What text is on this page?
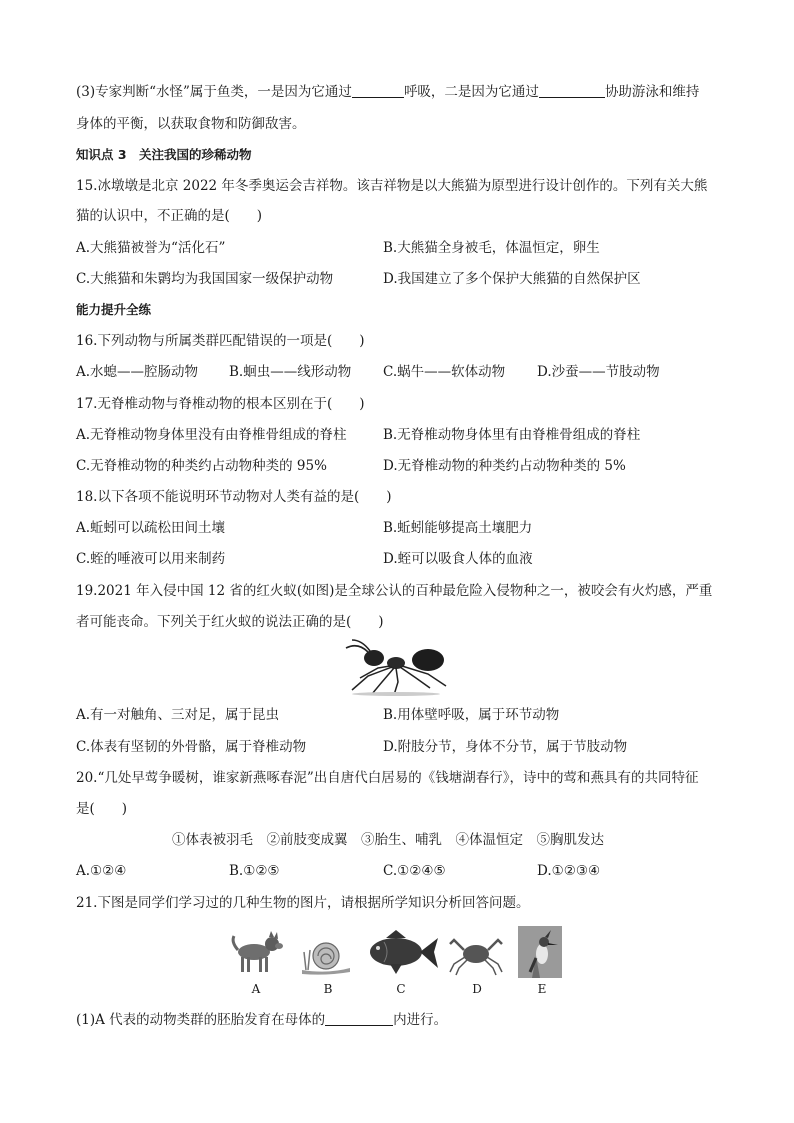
(3)专家判断“水怪”属于鱼类，一是因为它通过	呼吸，二是因为它通过	协助游泳和维持
身体的平衡，以获取食物和防御敌害。
知识点 3　关注我国的珍稀动物
15.冰墩墩是北京 2022 年冬季奥运会吉祥物。该吉祥物是以大熊猫为原型进行设计创作的。下列有关大熊
猫的认识中，不正确的是(　　)
A.大熊猫被誉为“活化石”	B.大熊猫全身被毛，体温恒定，卵生
C.大熊猫和朱鹮均为我国国家一级保护动物	D.我国建立了多个保护大熊猫的自然保护区
能力提升全练
16.下列动物与所属类群匹配错误的一项是(　　)
A.水螅——腔肠动物 B.蛔虫——线形动物 C.蜗牛——软体动物 D.沙蚕——节肢动物
17.无脊椎动物与脊椎动物的根本区别在于(　　)
A.无脊椎动物身体里没有由脊椎骨组成的脊柱	B.无脊椎动物身体里有由脊椎骨组成的脊柱
C.无脊椎动物的种类约占动物种类的 95%	D.无脊椎动物的种类约占动物种类的 5%
18.以下各项不能说明环节动物对人类有益的是(　　)
A.蚯蚓可以疏松田间土壤	B.蚯蚓能够提高土壤肥力
C.蛭的唾液可以用来制药	D.蛭可以吸食人体的血液
19.2021 年入侵中国 12 省的红火蚁(如图)是全球公认的百种最危险入侵物种之一，被咬会有火灼感，严重
者可能丧命。下列关于红火蚁的说法正确的是(　　)
A.有一对触角、三对足，属于昆虫	B.用体壁呼吸，属于环节动物
C.体表有坚韧的外骨骼，属于脊椎动物	D.附肢分节，身体不分节，属于节肢动物
20.“几处早莺争暖树，谁家新燕啄春泥”出自唐代白居易的《钱塘湖春行》，诗中的莺和燕具有的共同特征
是(　　)
①体表被羽毛　②前肢变成翼　③胎生、哺乳　④体温恒定　⑤胸肌发达
A.①②④	B.①②⑤	C.①②④⑤	D.①②③④
21.下图是同学们学习过的几种生物的图片，请根据所学知识分析回答问题。
A	B	C	D	E
(1)A 代表的动物类群的胚胎发育在母体的	内进行。
